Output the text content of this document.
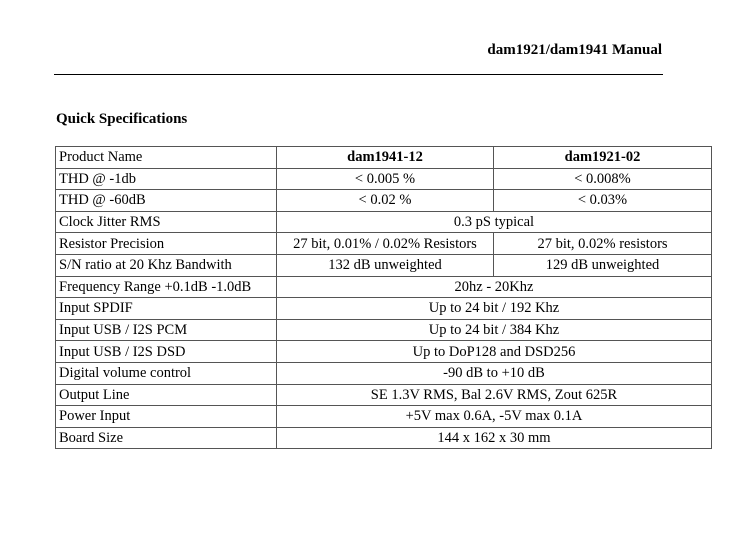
dam1921/dam1941 Manual
Quick Specifications
Product Name	dam1941-12	dam1921-02
THD @ -1db	< 0.005 %	< 0.008%
THD @ -60dB	< 0.02 %	< 0.03%
Clock Jitter RMS	0.3 pS typical	
Resistor Precision	27 bit, 0.01% / 0.02% Resistors	27 bit, 0.02% resistors
S/N ratio at 20 Khz Bandwith	132 dB unweighted	129 dB unweighted
Frequency Range +0.1dB -1.0dB	20hz - 20Khz	
Input SPDIF	Up to 24 bit / 192 Khz	
Input USB / I2S PCM	Up to 24 bit / 384 Khz	
Input USB / I2S DSD	Up to DoP128 and DSD256	
Digital volume control	-90 dB to +10 dB	
Output Line	SE 1.3V RMS, Bal 2.6V RMS, Zout 625R	
Power Input	+5V max 0.6A, -5V max 0.1A	
Board Size	144 x 162 x 30 mm	
